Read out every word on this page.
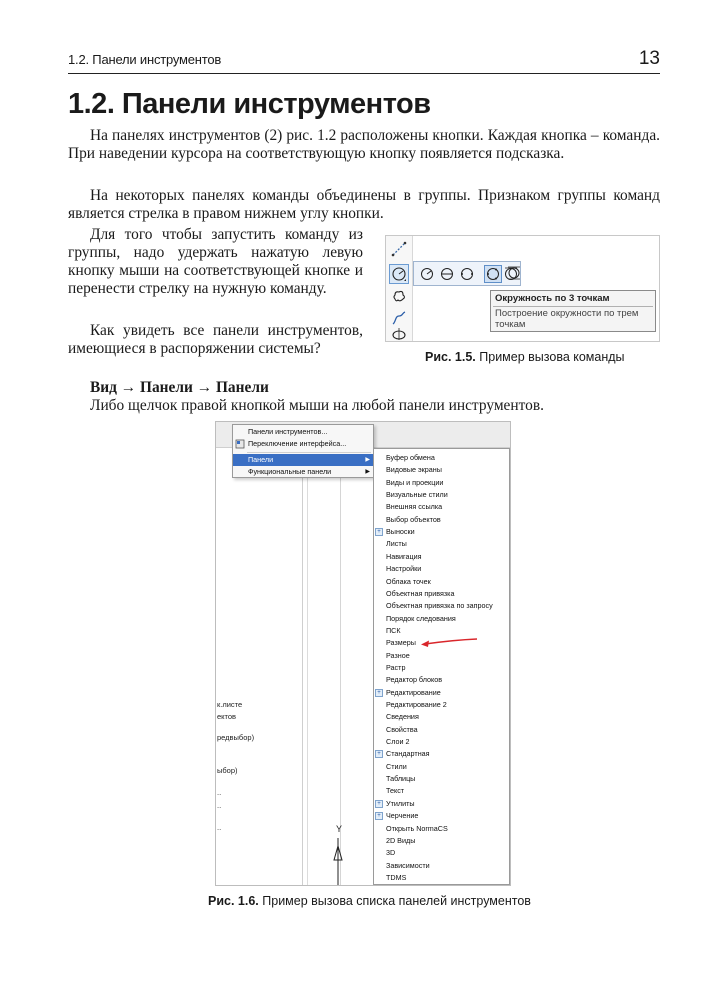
1.2. Панели инструментов	13
1.2. Панели инструментов

На панелях инструментов (2) рис. 1.2 расположены кнопки. Каждая кнопка – команда. При наведении курсора на соответствующую кнопку появляется подсказка.

На некоторых панелях команды объединены в группы. Признаком группы команд является стрелка в правом нижнем углу кнопки.

Для того чтобы запустить команду из группы, надо удержать нажатую левую кнопку мыши на соответствующей кнопке и перенести стрелку на нужную команду.

Как увидеть все панели инструментов, имеющиеся в распоряжении системы?

Вид → Панели → Панели

Либо щелчок правой кнопкой мыши на любой панели инструментов.

Окружность по 3 точкам
Построение окружности по трем точкам
Рис. 1.5. Пример вызова команды
к.листе
ектов
редвыбор)
ыбор)
..
..
..
Панели инструментов...
Переключение интерфейса...
Панели	▶
Функциональные панели	▶
Буфер обмена
Видовые экраны
Виды и проекции
Визуальные стили
Внешняя ссылка
Выбор объектов
+ Выноски
Листы
Навигация
Настройки
Облака точек
Объектная привязка
Объектная привязка по запросу
Порядок следования
ПСК
Размеры
Разное
Растр
Редактор блоков
+ Редактирование
Редактирование 2
Сведения
Свойства
Слои 2
+ Стандартная
Стили
Таблицы
Текст
+ Утилиты
+ Черчение
Открыть NormaCS
2D Виды
3D
Зависимости
TDMS
Y
Рис. 1.6. Пример вызова списка панелей инструментов
